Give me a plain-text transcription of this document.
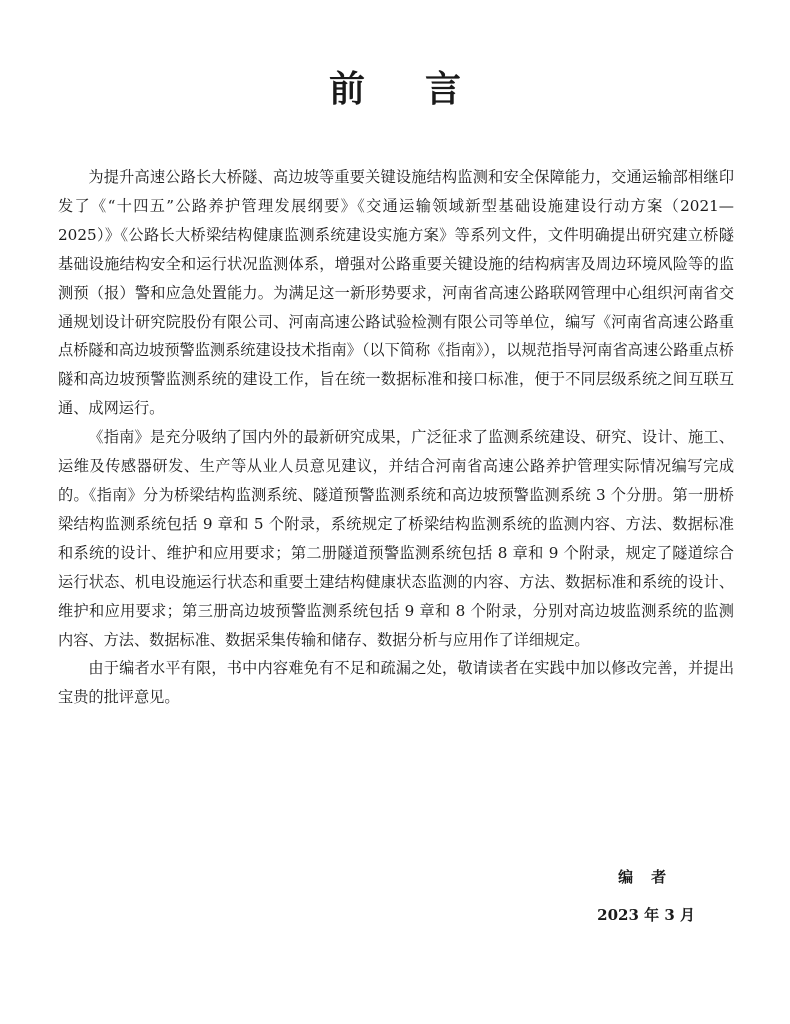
前言

为提升高速公路长大桥隧、高边坡等重要关键设施结构监测和安全保障能力，交通运输部相继印发了《“十四五”公路养护管理发展纲要》《交通运输领域新型基础设施建设行动方案（2021—2025）》《公路长大桥梁结构健康监测系统建设实施方案》等系列文件，文件明确提出研究建立桥隧基础设施结构安全和运行状况监测体系，增强对公路重要关键设施的结构病害及周边环境风险等的监测预（报）警和应急处置能力。为满足这一新形势要求，河南省高速公路联网管理中心组织河南省交通规划设计研究院股份有限公司、河南高速公路试验检测有限公司等单位，编写《河南省高速公路重点桥隧和高边坡预警监测系统建设技术指南》（以下简称《指南》），以规范指导河南省高速公路重点桥隧和高边坡预警监测系统的建设工作，旨在统一数据标准和接口标准，便于不同层级系统之间互联互通、成网运行。

《指南》是充分吸纳了国内外的最新研究成果，广泛征求了监测系统建设、研究、设计、施工、运维及传感器研发、生产等从业人员意见建议，并结合河南省高速公路养护管理实际情况编写完成的。《指南》分为桥梁结构监测系统、隧道预警监测系统和高边坡预警监测系统 3 个分册。第一册桥梁结构监测系统包括 9 章和 5 个附录，系统规定了桥梁结构监测系统的监测内容、方法、数据标准和系统的设计、维护和应用要求；第二册隧道预警监测系统包括 8 章和 9 个附录，规定了隧道综合运行状态、机电设施运行状态和重要土建结构健康状态监测的内容、方法、数据标准和系统的设计、维护和应用要求；第三册高边坡预警监测系统包括 9 章和 8 个附录，分别对高边坡监测系统的监测内容、方法、数据标准、数据采集传输和储存、数据分析与应用作了详细规定。

由于编者水平有限，书中内容难免有不足和疏漏之处，敬请读者在实践中加以修改完善，并提出宝贵的批评意见。

编者
2023 年 3 月
